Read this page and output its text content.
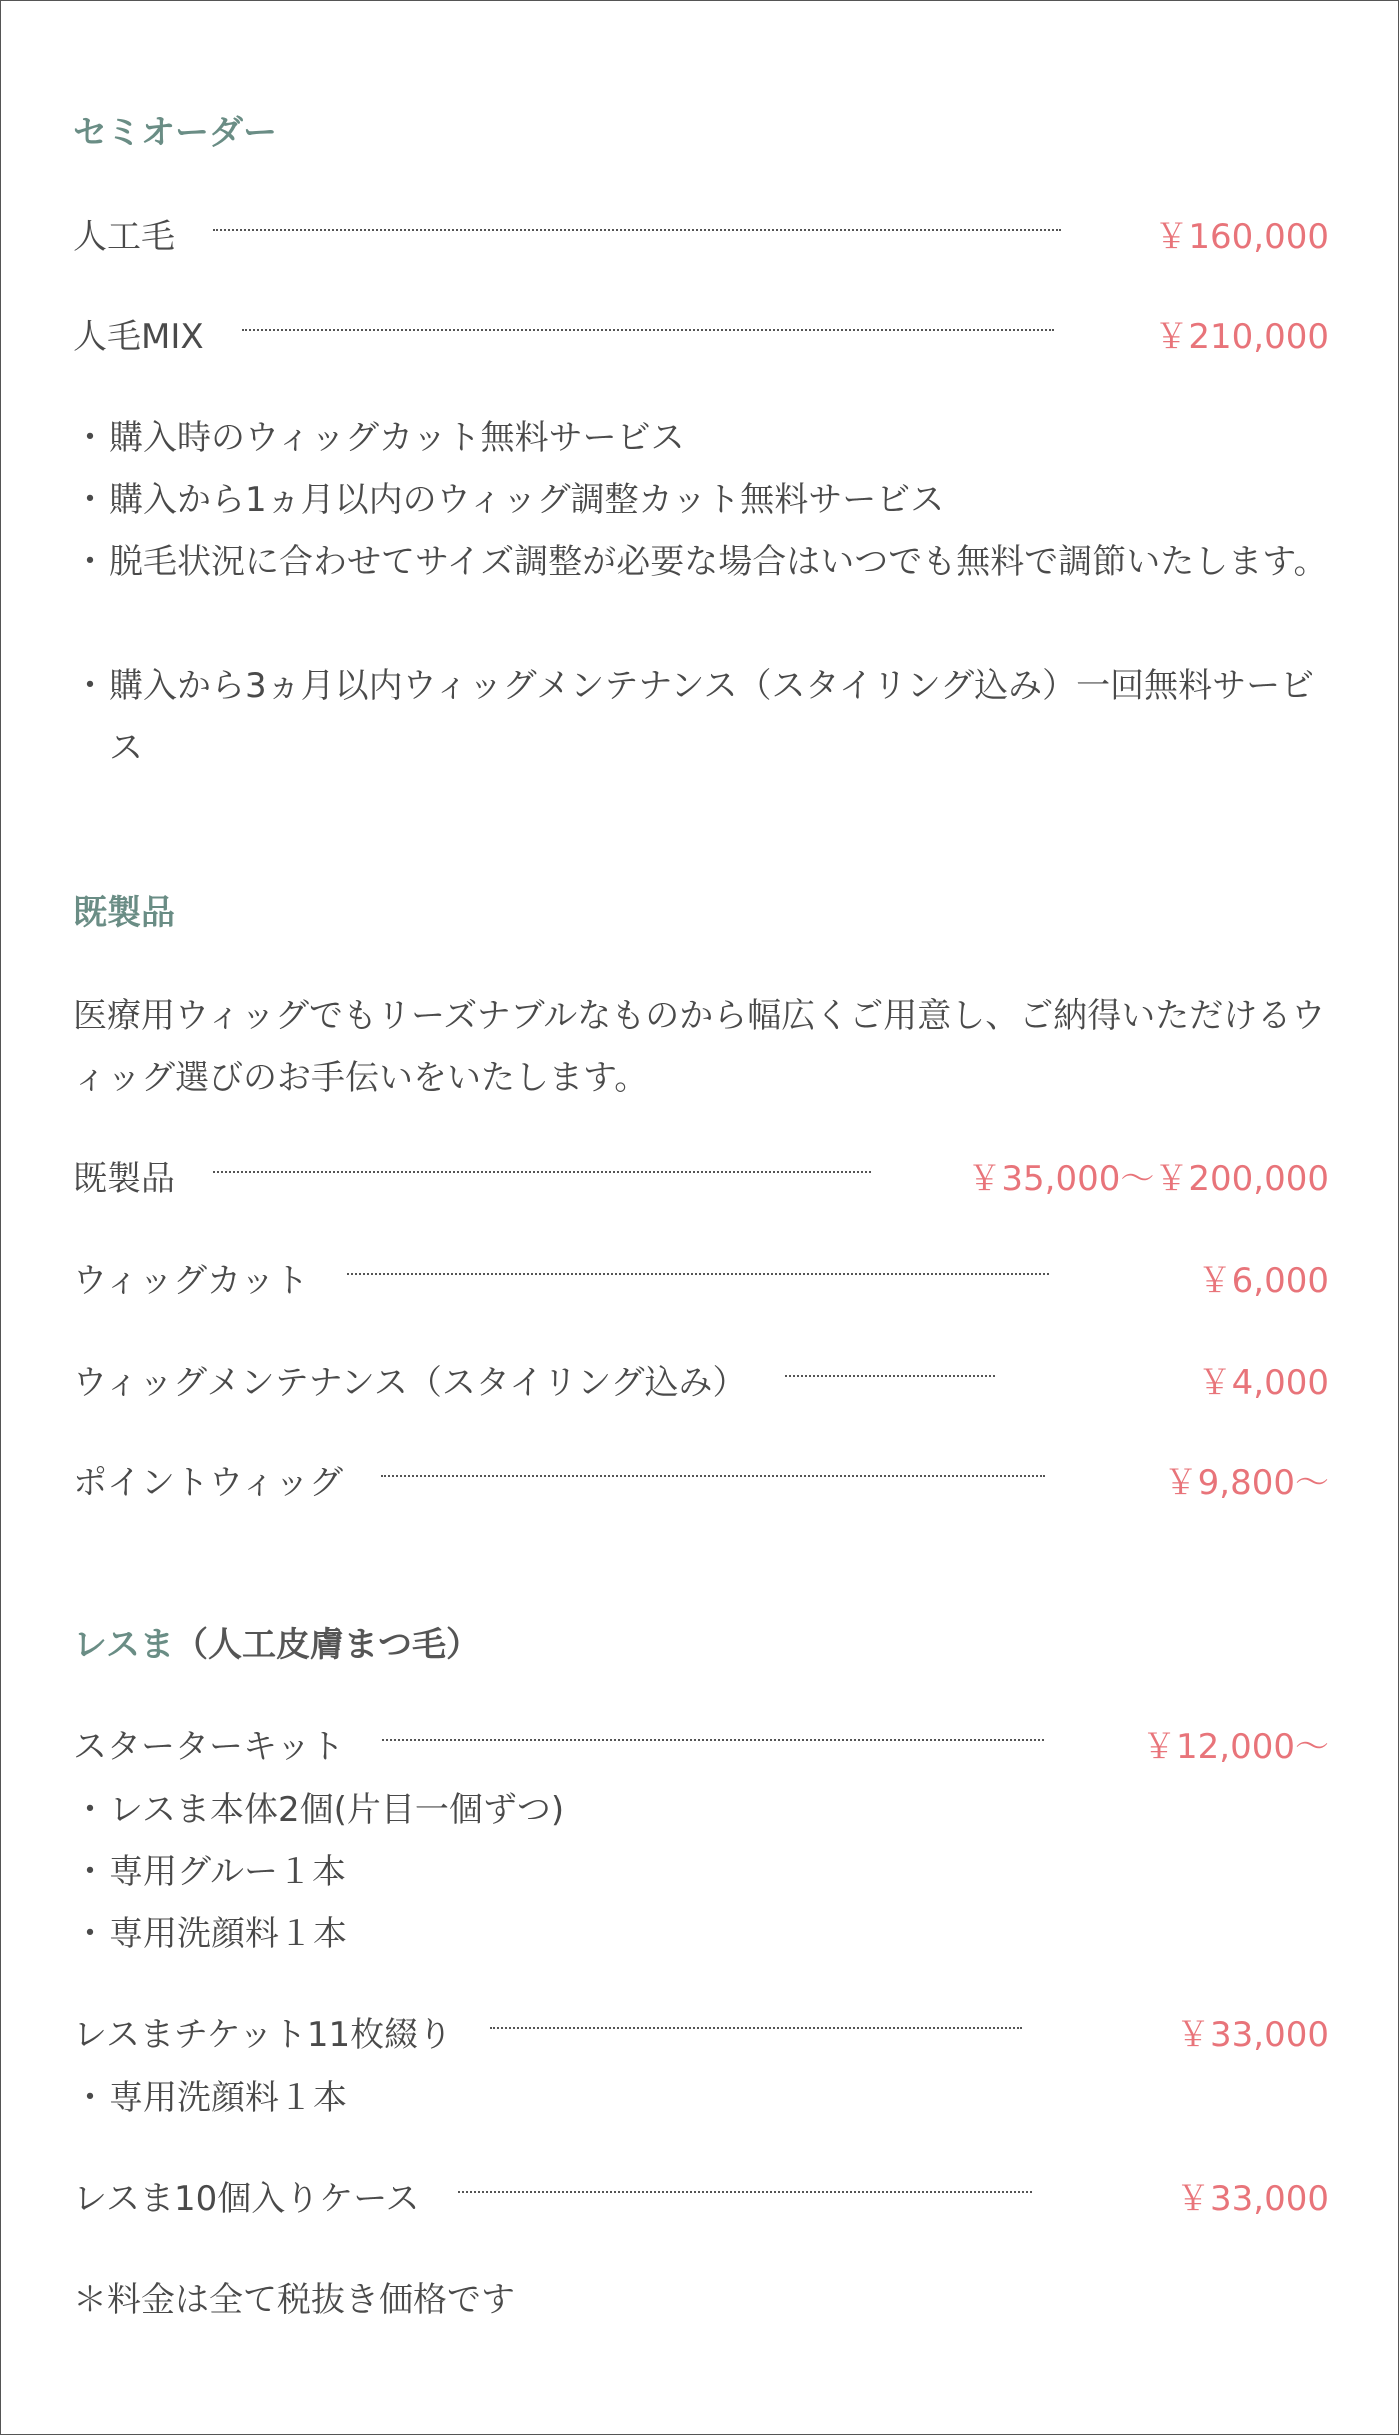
セミオーダー
人工毛	￥160,000
人毛MIX	￥210,000
・購入時のウィッグカット無料サービス
・購入から1ヵ月以内のウィッグ調整カット無料サービス
・脱毛状況に合わせてサイズ調整が必要な場合はいつでも無料で調節いたします。
・購入から3ヵ月以内ウィッグメンテナンス（スタイリング込み）一回無料サービス
既製品
医療用ウィッグでもリーズナブルなものから幅広くご用意し、ご納得いただけるウィッグ選びのお手伝いをいたします。
既製品	￥35,000〜￥200,000
ウィッグカット	￥6,000
ウィッグメンテナンス（スタイリング込み）	￥4,000
ポイントウィッグ	￥9,800〜
レスま（人工皮膚まつ毛）
スターターキット	￥12,000〜
・レスま本体2個(片目一個ずつ)
・専用グルー１本
・専用洗顔料１本
レスまチケット11枚綴り	￥33,000
・専用洗顔料１本
レスま10個入りケース	￥33,000
＊料金は全て税抜き価格です
